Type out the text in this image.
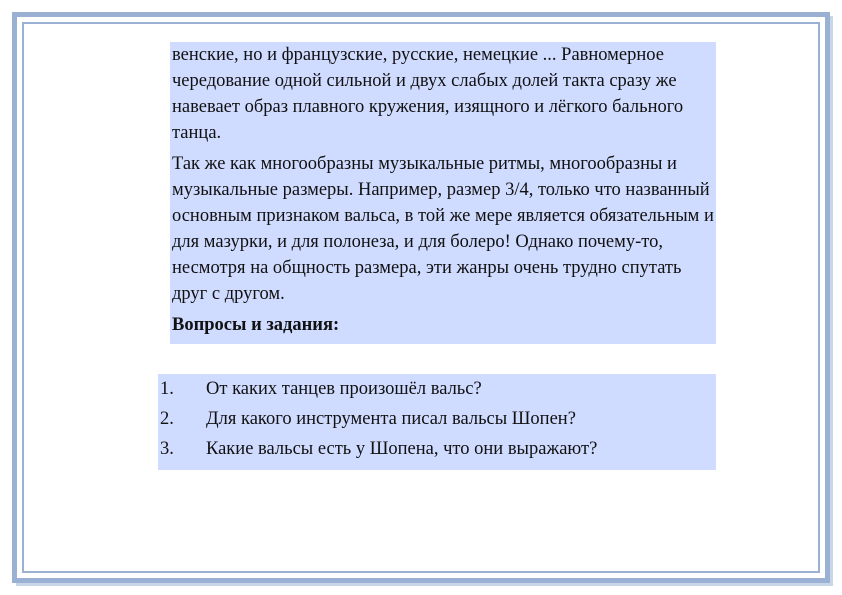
венские, но и французские, русские, немецкие ... Равномерное чередование одной сильной и двух слабых долей такта сразу же навевает образ плавного кружения, изящного и лёгкого бального танца.

Так же как многообразны музыкальные ритмы, многообразны и музыкальные размеры. Например, размер 3/4, только что названный основным признаком вальса, в той же мере является обязательным и для мазурки, и для полонеза, и для болеро! Однако почему-то, несмотря на общность размера, эти жанры очень трудно спутать друг с другом.

Вопросы и задания:
1.	От каких танцев произошёл вальс?
2.	Для какого инструмента писал вальсы Шопен?
3.	Какие вальсы есть у Шопена, что они выражают?
